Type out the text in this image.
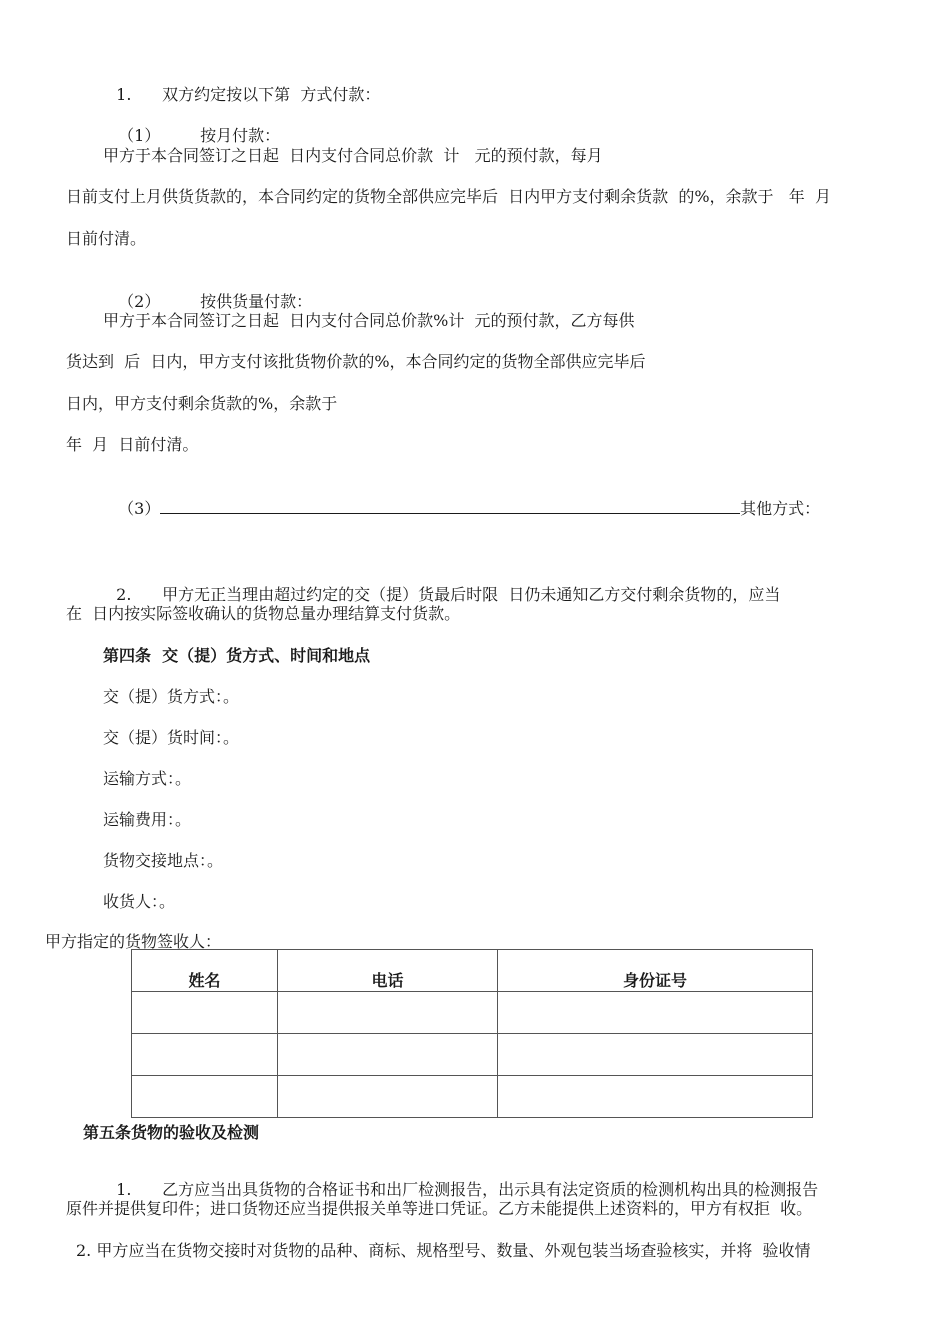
1. 双方约定按以下第  方式付款：

（1） 按月付款：

甲方于本合同签订之日起  日内支付合同总价款  计   元的预付款，每月
日前支付上月供货货款的，本合同约定的货物全部供应完毕后  日内甲方支付剩余货款  的%，余款于   年  月
日前付清。

（2） 按供货量付款：

甲方于本合同签订之日起  日内支付合同总价款%计  元的预付款，乙方每供
货达到  后  日内，甲方支付该批货物价款的%，本合同约定的货物全部供应完毕后
日内，甲方支付剩余货款的%，余款于
年  月  日前付清。

（3）	其他方式：

2. 甲方无正当理由超过约定的交（提）货最后时限  日仍未通知乙方交付剩余货物的，应当

在  日内按实际签收确认的货物总量办理结算支付货款。
第四条  交（提）货方式、时间和地点
交（提）货方式：。
交（提）货时间：。
运输方式：。
运输费用：。
货物交接地点：。
收货人：。
甲方指定的货物签收人：
姓名	电话	身份证号

第五条货物的验收及检测

1. 乙方应当出具货物的合格证书和出厂检测报告，出示具有法定资质的检测机构出具的检测报告

原件并提供复印件；进口货物还应当提供报关单等进口凭证。乙方未能提供上述资料的，甲方有权拒  收。
2. 甲方应当在货物交接时对货物的品种、商标、规格型号、数量、外观包装当场查验核实，并将  验收情
